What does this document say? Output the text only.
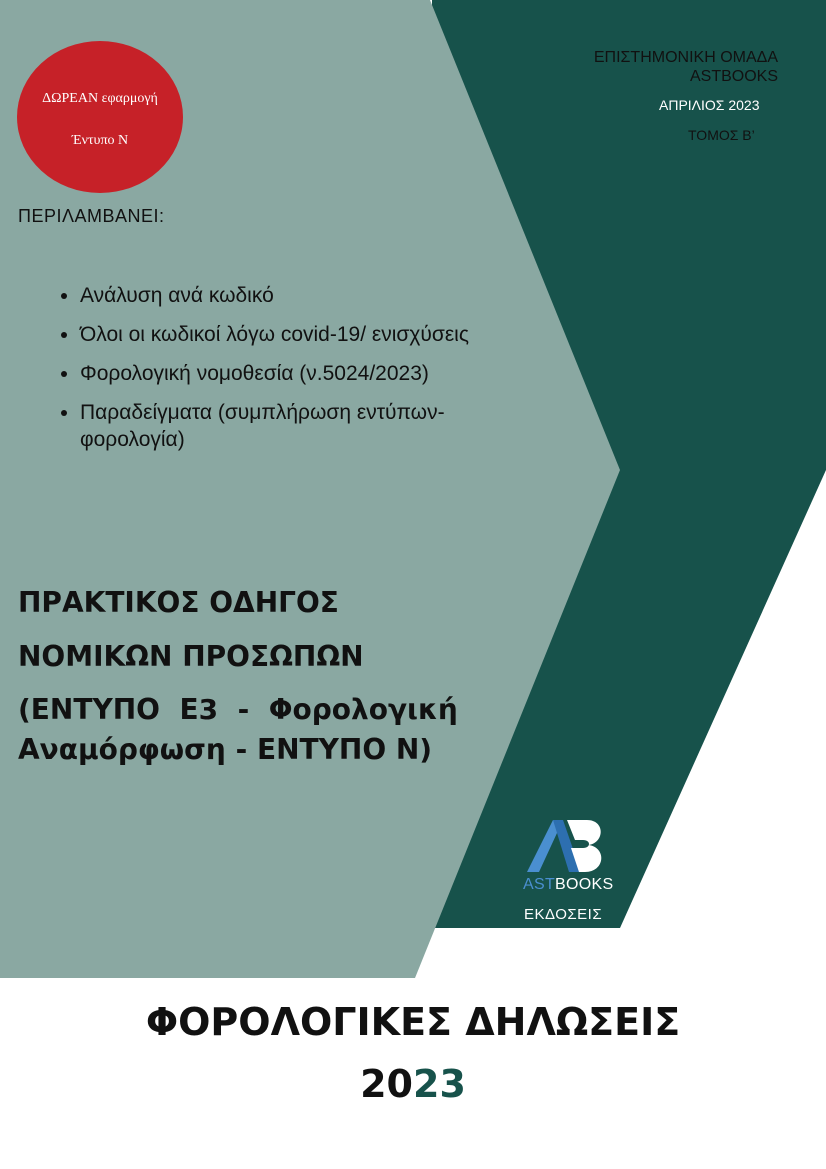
ΔΩΡΕΑΝ εφαρμογή
Έντυπο Ν
ΕΠΙΣΤΗΜΟΝΙΚΗ ΟΜΑΔΑ
ASTBOOKS
ΑΠΡΙΛΙΟΣ 2023
ΤΟΜΟΣ Β’
ΠΕΡΙΛΑΜΒΑΝΕΙ:
• Ανάλυση ανά κωδικό
• Όλοι οι κωδικοί λόγω covid-19/ ενισχύσεις
• Φορολογική νομοθεσία (ν.5024/2023)
• Παραδείγματα (συμπλήρωση εντύπων-φορολογία)
ΠΡΑΚΤΙΚΟΣ ΟΔΗΓΟΣ
ΝΟΜΙΚΩΝ ΠΡΟΣΩΠΩΝ
(ΕΝΤΥΠΟ  Ε3  -  Φορολογική
Αναμόρφωση - ΕΝΤΥΠΟ Ν)
ASTBOOKS
ΕΚΔΟΣΕΙΣ
ΦΟΡΟΛΟΓΙΚΕΣ ΔΗΛΩΣΕΙΣ
2023
